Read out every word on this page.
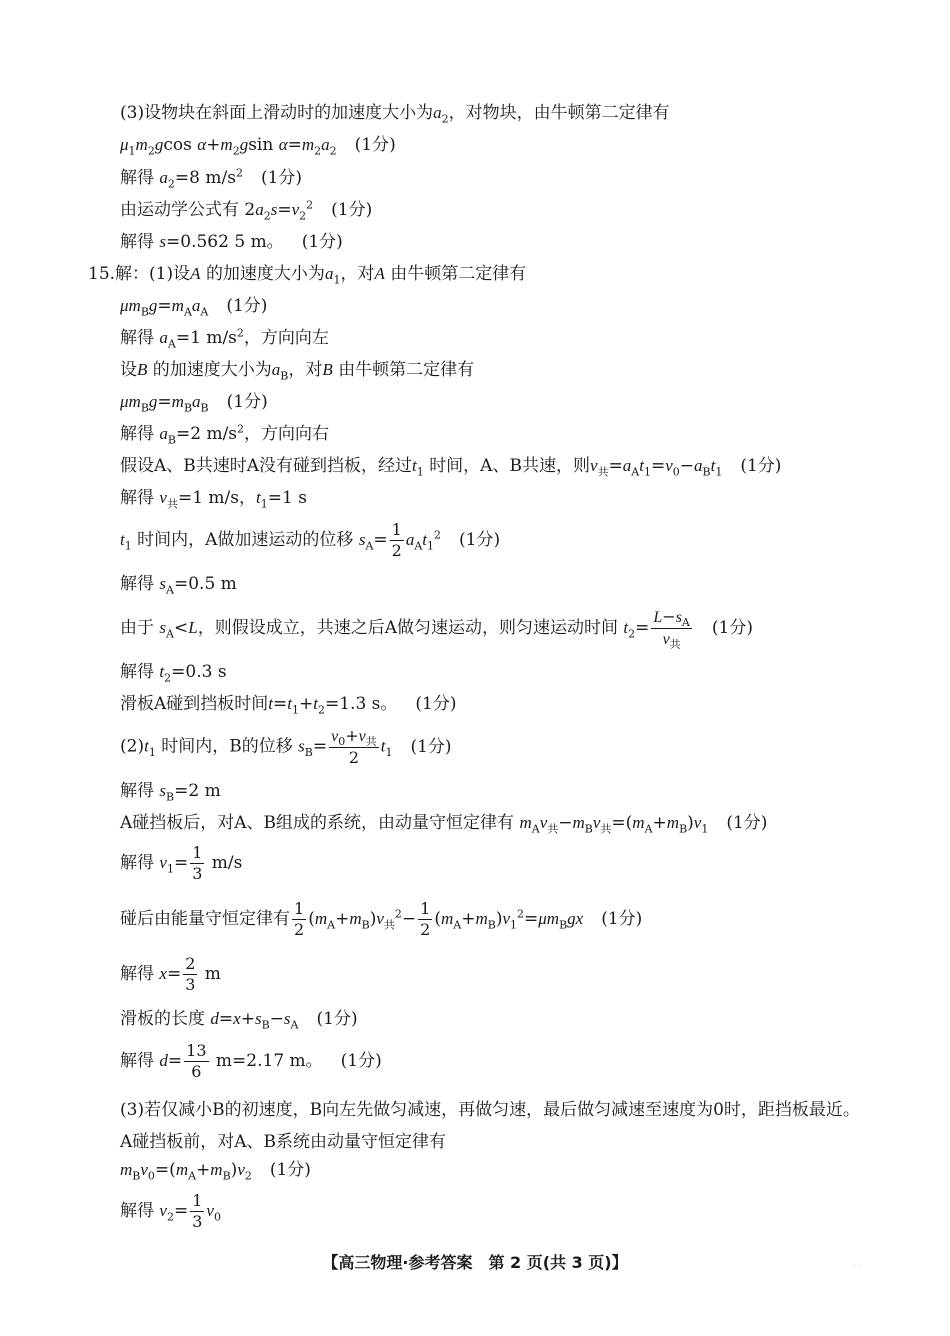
(3)设物块在斜面上滑动时的加速度大小为$a_2$，对物块，由牛顿第二定律有
$\mu_1m_2gcos$ $\alpha+m_2gsin$ $\alpha=m_2a_2$ (1分)
解得 $a_2=8$ $m/s^2$ (1分)
由运动学公式有 $2a_2s=v_2^2$ (1分)
解得 s=0.562 5 m。 (1分)
15.解：(1)设A 的加速度大小为$a_1$，对A 由牛顿第二定律有
$\mu m_Bg=m_Aa_A$ (1分)
解得 $a_A=1$ $m/s^2$，方向向左
设B 的加速度大小为$a_B$，对B 由牛顿第二定律有
$\mu m_Bg=m_Ba_B$ (1分)
解得 $a_B=2$ $m/s^2$，方向向右
假设A、B共速时A没有碰到挡板，经过$t_1$ 时间，A、B共速，则$v_共=a_At_1=v_0-a_Bt_1$ (1分)
解得 $v_共=1$ m/s，$t_1=1$ s
$t_1$ 时间内，A做加速运动的位移 $s_A= \frac{1}{2} a_At_1^2$ (1分)
解得 $s_A=0.5$ m
由于 $s_A<L$，则假设成立，共速之后A做匀速运动，则匀速运动时间 $t_2= \frac{L-s_A}{v_共} (1$分)
解得 $t_2=0.3$ s
滑板A碰到挡板时间$t=t_1+t_2=1.3$ s。 (1分)
$(2)t_1$ 时间内，B的位移 $s_B= \frac{v_0+v_共}{2} t_1$ (1分)
解得 $s_B=2$ m
A碰挡板后，对A、B组成的系统，由动量守恒定律有 $m_Av_共-m_Bv_共=(m_A+m_B)v_1$ (1分)
解得 $v_1= \frac{1}{3} m/s$
碰后由能量守恒定律有 $\frac{1}{2} (m_A+m_B)v_共^2- \frac{1}{2} (m_A+m_B)v_1^2=\mu m_Bgx$ (1分)
解得 $x= \frac{2}{3}$ m
滑板的长度 $d=x+s_B-s_A$ (1分)
解得 $d= \frac{13}{6} m=2.17$ m。 (1分)
(3)若仅减小B的初速度，B向左先做匀减速，再做匀速，最后做匀减速至速度为0时，距挡板最近。A碰挡板前，对A、B系统由动量守恒定律有
$m_Bv_0=(m_A+m_B)v_2$ (1分)
解得 $v_2= \frac{1}{3} v_0$
【高三物理·参考答案　第 2 页(共 3 页)】	· ·
